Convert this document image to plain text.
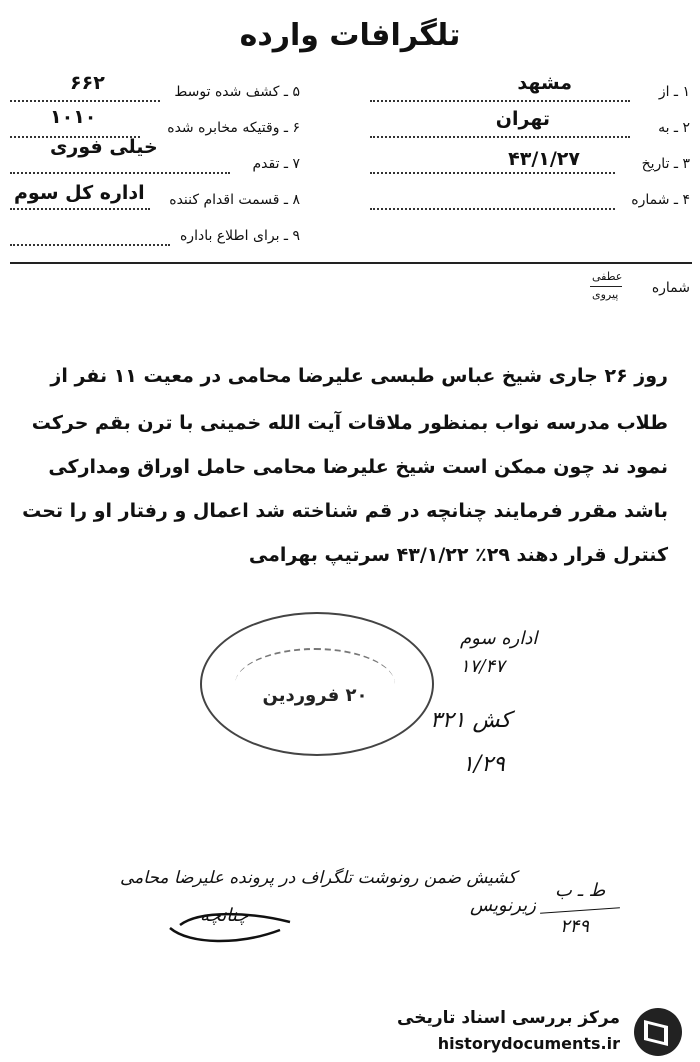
تلگرافات وارده
۱ ـ از
مشهد
۲ ـ به
تهران
۳ ـ تاریخ
۴۳/۱/۲۷
۴ ـ شماره
۵ ـ کشف شده توسط
۶۶۲
۶ ـ وقتیکه مخابره شده
۱۰۱۰
۷ ـ تقدم
خیلی فوری
۸ ـ قسمت اقدام کننده
اداره کل سوم
۹ ـ برای اطلاع باداره
شماره
عطفی
پیروی
روز ۲۶ جاری شیخ عباس طبسی علیرضا محامی در معیت ۱۱ نفر از
طلاب مدرسه نواب بمنظور ملاقات آیت الله خمینی با ترن بقم حرکت
نمود ند چون ممکن است شیخ علیرضا محامی حامل اوراق ومدارکی
باشد مقرر فرمایند چنانچه در قم شناخته شد اعمال و رفتار او را تحت
کنترل قرار دهند ۲۹٪ ۴۳/۱/۲۲ سرتیپ بهرامی
۲۰ فروردین
اداره سوم
۱۷/۴۷
کش ۳۲۱
۱/۲۹
کشیش ضمن رونوشت تلگراف در پرونده علیرضا محامی
چنانچه	زیرنویس
ط ـ ب
۲۴۹
مرکز بررسی اسناد تاریخی
historydocuments.ir
